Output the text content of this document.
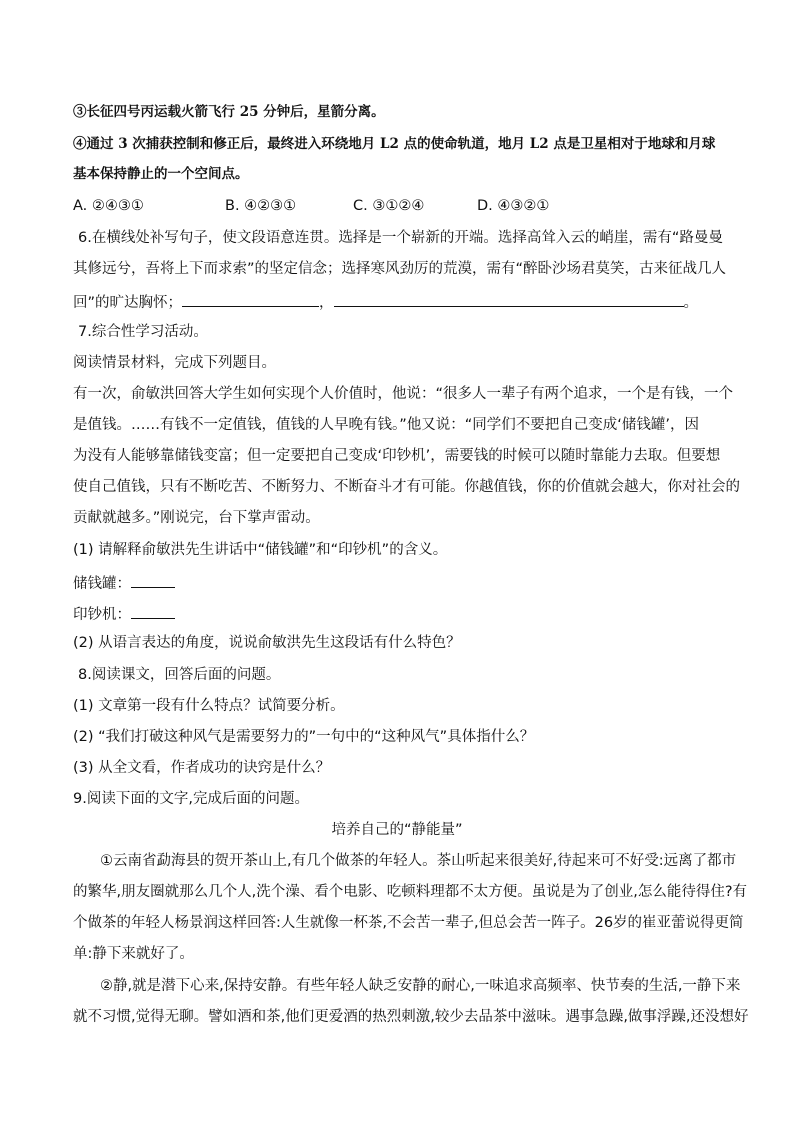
③长征四号丙运载火箭飞行 25 分钟后，星箭分离。

④通过 3 次捕获控制和修正后，最终进入环绕地月 L2 点的使命轨道，地月 L2 点是卫星相对于地球和月球

基本保持静止的一个空间点。

A. ②④③①	B. ④②③①	C. ③①②④	D. ④③②①

6.在横线处补写句子，使文段语意连贯。选择是一个崭新的开端。选择高耸入云的峭崖，需有“路曼曼

其修远兮，吾将上下而求索”的坚定信念；选择寒风劲厉的荒漠，需有“醉卧沙场君莫笑，古来征战几人

回”的旷达胸怀；	，	。

7.综合性学习活动。

阅读情景材料，完成下列题目。

有一次，俞敏洪回答大学生如何实现个人价值时，他说：“很多人一辈子有两个追求，一个是有钱，一个

是值钱。……有钱不一定值钱，值钱的人早晚有钱。”他又说：“同学们不要把自己变成‘储钱罐’，因

为没有人能够靠储钱变富；但一定要把自己变成‘印钞机’，需要钱的时候可以随时靠能力去取。但要想

使自己值钱，只有不断吃苦、不断努力、不断奋斗才有可能。你越值钱，你的价值就会越大，你对社会的

贡献就越多。”刚说完，台下掌声雷动。

(1) 请解释俞敏洪先生讲话中“储钱罐”和“印钞机”的含义。

储钱罐：

印钞机：

(2) 从语言表达的角度，说说俞敏洪先生这段话有什么特色？

8.阅读课文，回答后面的问题。

(1) 文章第一段有什么特点？试简要分析。

(2) “我们打破这种风气是需要努力的”一句中的“这种风气”具体指什么？

(3) 从全文看，作者成功的诀窍是什么？

9.阅读下面的文字,完成后面的问题。

培养自己的“静能量”

①云南省勐海县的贺开茶山上,有几个做茶的年轻人。茶山听起来很美好,待起来可不好受:远离了都市

的繁华,朋友圈就那么几个人,洗个澡、看个电影、吃顿料理都不太方便。虽说是为了创业,怎么能待得住?有

个做茶的年轻人杨景润这样回答:人生就像一杯茶,不会苦一辈子,但总会苦一阵子。26岁的崔亚蕾说得更简

单:静下来就好了。

②静,就是潜下心来,保持安静。有些年轻人缺乏安静的耐心,一味追求高频率、快节奏的生活,一静下来

就不习惯,觉得无聊。譬如酒和茶,他们更爱酒的热烈刺激,较少去品茶中滋味。遇事急躁,做事浮躁,还没想好
